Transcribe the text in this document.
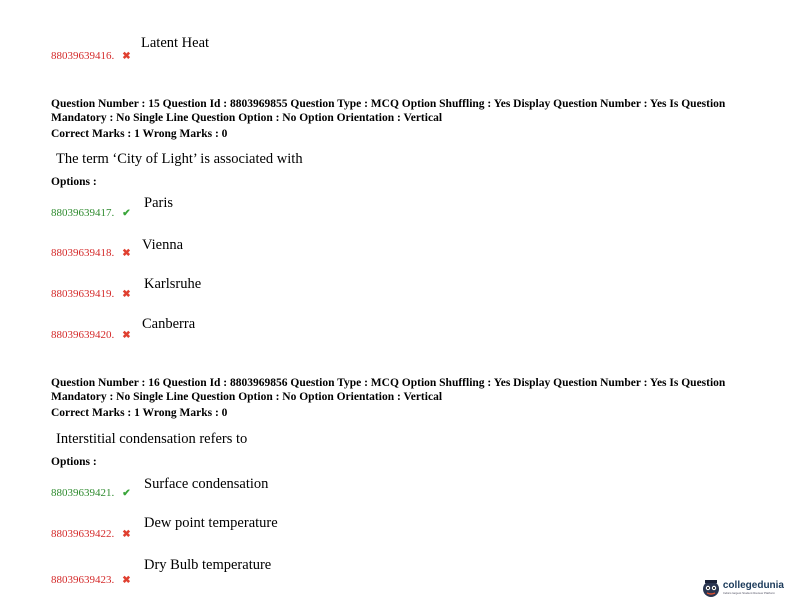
88039639416. ✖
Latent Heat
Question Number : 15 Question Id : 8803969855 Question Type : MCQ Option Shuffling : Yes Display Question Number : Yes Is Question Mandatory : No Single Line Question Option : No Option Orientation : Vertical
Correct Marks : 1 Wrong Marks : 0
The term ‘City of Light’ is associated with
Options :
88039639417. ✔
Paris
88039639418. ✖
Vienna
88039639419. ✖
Karlsruhe
88039639420. ✖
Canberra
Question Number : 16 Question Id : 8803969856 Question Type : MCQ Option Shuffling : Yes Display Question Number : Yes Is Question Mandatory : No Single Line Question Option : No Option Orientation : Vertical
Correct Marks : 1 Wrong Marks : 0
Interstitial condensation refers to
Options :
88039639421. ✔
Surface condensation
88039639422. ✖
Dew point temperature
88039639423. ✖
Dry Bulb temperature
collegedunia
India's largest Student Review Platform
